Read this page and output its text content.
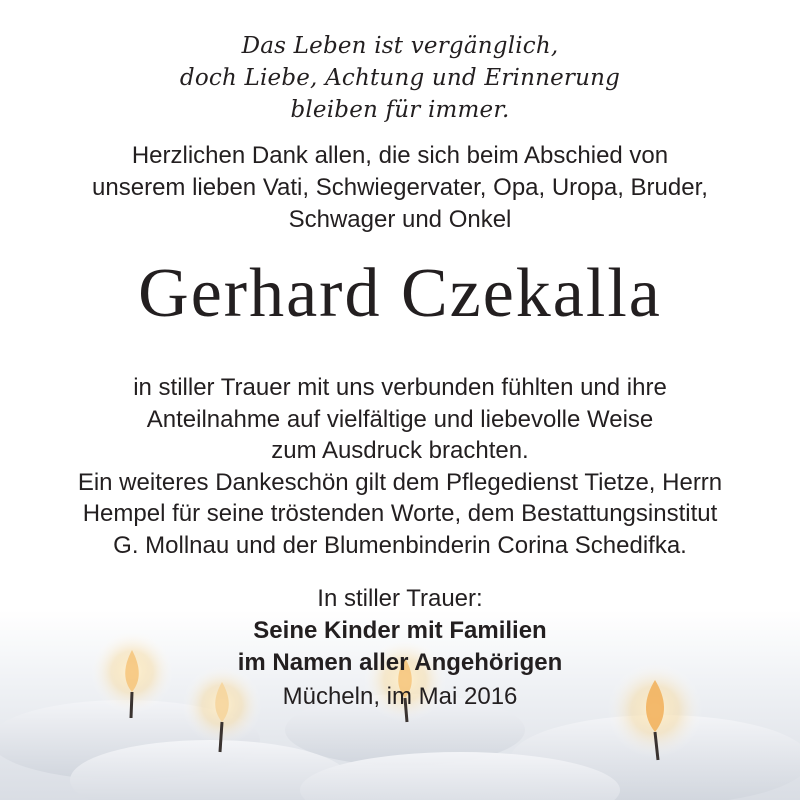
Das Leben ist vergänglich,
doch Liebe, Achtung und Erinnerung
bleiben für immer.
Herzlichen Dank allen, die sich beim Abschied von
unserem lieben Vati, Schwiegervater, Opa, Uropa, Bruder,
Schwager und Onkel
Gerhard Czekalla
in stiller Trauer mit uns verbunden fühlten und ihre
Anteilnahme auf vielfältige und liebevolle Weise
zum Ausdruck brachten.
Ein weiteres Dankeschön gilt dem Pflegedienst Tietze, Herrn
Hempel für seine tröstenden Worte, dem Bestattungsinstitut
G. Mollnau und der Blumenbinderin Corina Schedifka.
In stiller Trauer:
Seine Kinder mit Familien
im Namen aller Angehörigen
Mücheln, im Mai 2016
